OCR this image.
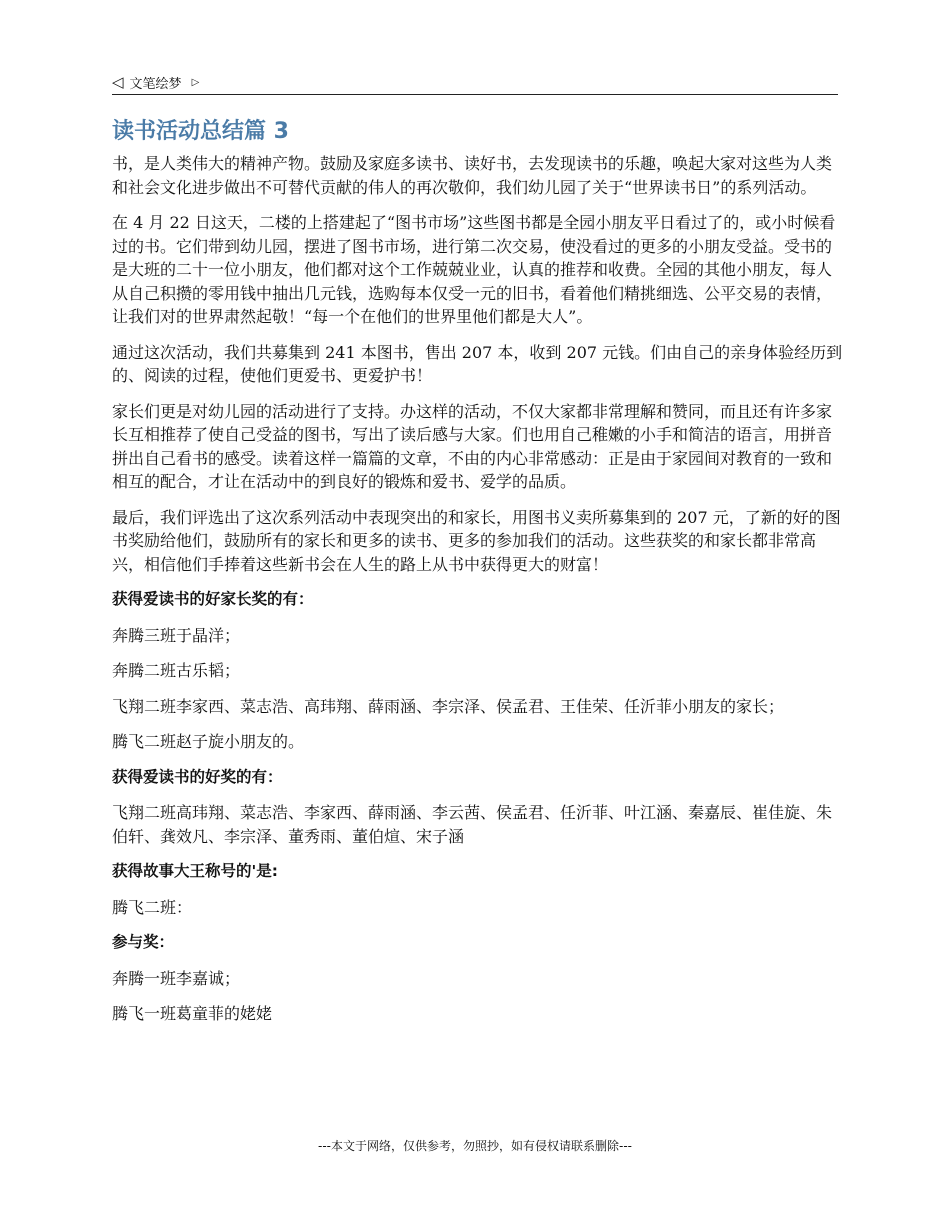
◁ 文笔绘梦 ▷
读书活动总结篇 3

书，是人类伟大的精神产物。鼓励及家庭多读书、读好书，去发现读书的乐趣，唤起大家对这些为人类和社会文化进步做出不可替代贡献的伟人的再次敬仰，我们幼儿园了关于“世界读书日”的系列活动。

在 4 月 22 日这天，二楼的上搭建起了“图书市场”这些图书都是全园小朋友平日看过了的，或小时候看过的书。它们带到幼儿园，摆进了图书市场，进行第二次交易，使没看过的更多的小朋友受益。受书的是大班的二十一位小朋友，他们都对这个工作兢兢业业，认真的推荐和收费。全园的其他小朋友，每人从自己积攒的零用钱中抽出几元钱，选购每本仅受一元的旧书，看着他们精挑细选、公平交易的表情，让我们对的世界肃然起敬！“每一个在他们的世界里他们都是大人”。

通过这次活动，我们共募集到 241 本图书，售出 207 本，收到 207 元钱。们由自己的亲身体验经历到的、阅读的过程，使他们更爱书、更爱护书！

家长们更是对幼儿园的活动进行了支持。办这样的活动，不仅大家都非常理解和赞同，而且还有许多家长互相推荐了使自己受益的图书，写出了读后感与大家。们也用自己稚嫩的小手和简洁的语言，用拼音拼出自己看书的感受。读着这样一篇篇的文章，不由的内心非常感动：正是由于家园间对教育的一致和相互的配合，才让在活动中的到良好的锻炼和爱书、爱学的品质。

最后，我们评选出了这次系列活动中表现突出的和家长，用图书义卖所募集到的 207 元，了新的好的图书奖励给他们，鼓励所有的家长和更多的读书、更多的参加我们的活动。这些获奖的和家长都非常高兴，相信他们手捧着这些新书会在人生的路上从书中获得更大的财富！

获得爱读书的好家长奖的有：

奔腾三班于晶洋；

奔腾二班古乐韬；

飞翔二班李家西、菜志浩、高玮翔、薛雨涵、李宗泽、侯孟君、王佳荣、任沂菲小朋友的家长；

腾飞二班赵子旋小朋友的。

获得爱读书的好奖的有：

飞翔二班高玮翔、菜志浩、李家西、薛雨涵、李云茜、侯孟君、任沂菲、叶江涵、秦嘉辰、崔佳旋、朱伯轩、龚效凡、李宗泽、董秀雨、董伯煊、宋子涵

获得故事大王称号的'是:

腾飞二班：

参与奖：

奔腾一班李嘉诚；

腾飞一班葛童菲的姥姥

---本文于网络，仅供参考，勿照抄，如有侵权请联系删除---
